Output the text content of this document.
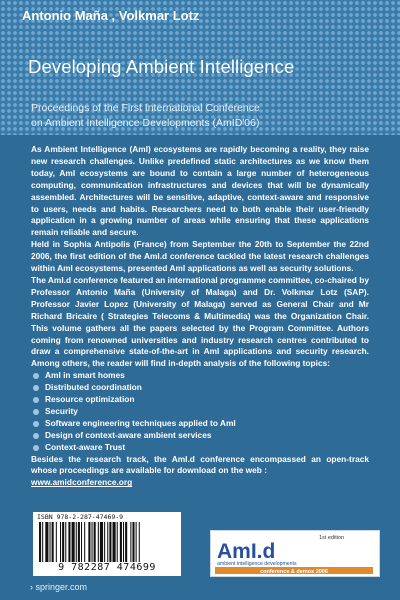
Antonio Maña , Volkmar Lotz
Developing Ambient Intelligence
Proceedings of the First International Conference
on Ambient Intelligence Developments (AmID'06)

As Ambient Intelligence (AmI) ecosystems are rapidly becoming a reality, they raise new research challenges. Unlike predefined static architectures as we know them today, AmI ecosystems are bound to contain a large number of heterogeneous computing, communication infrastructures and devices that will be dynamically assembled. Architectures will be sensitive, adaptive, context-aware and responsive to users, needs and habits. Researchers need to both enable their user-friendly application in a growing number of areas while ensuring that these applications remain reliable and secure.

Held in Sophia Antipolis (France) from September the 20th to September the 22nd 2006, the first edition of the AmI.d conference tackled the latest research challenges within AmI ecosystems, presented AmI applications as well as security solutions.

The AmI.d conference featured an international programme committee, co-chaired by Professor Antonio Maña (University of Malaga) and Dr. Volkmar Lotz (SAP). Professor Javier Lopez (University of Malaga) served as General Chair and Mr Richard Bricaire ( Strategies Telecoms & Multimedia) was the Organization Chair. This volume gathers all the papers selected by the Program Committee. Authors coming from renowned universities and industry research centres contributed to draw a comprehensive state-of-the-art in AmI applications and security research. Among others, the reader will find in-depth analysis of the following topics:

AmI in smart homes
Distributed coordination
Resource optimization
Security
Software engineering techniques applied to AmI
Design of context-aware ambient services
Context-aware Trust

Besides the research track, the AmI.d conference encompassed an open-track whose proceedings are available for download on the web :

www.amidconference.org
ISBN 978-2-287-47469-9
9 782287 474699
1st edition
AmI.d
ambient intelligence developments
conference & demos 2006
› springer.com
